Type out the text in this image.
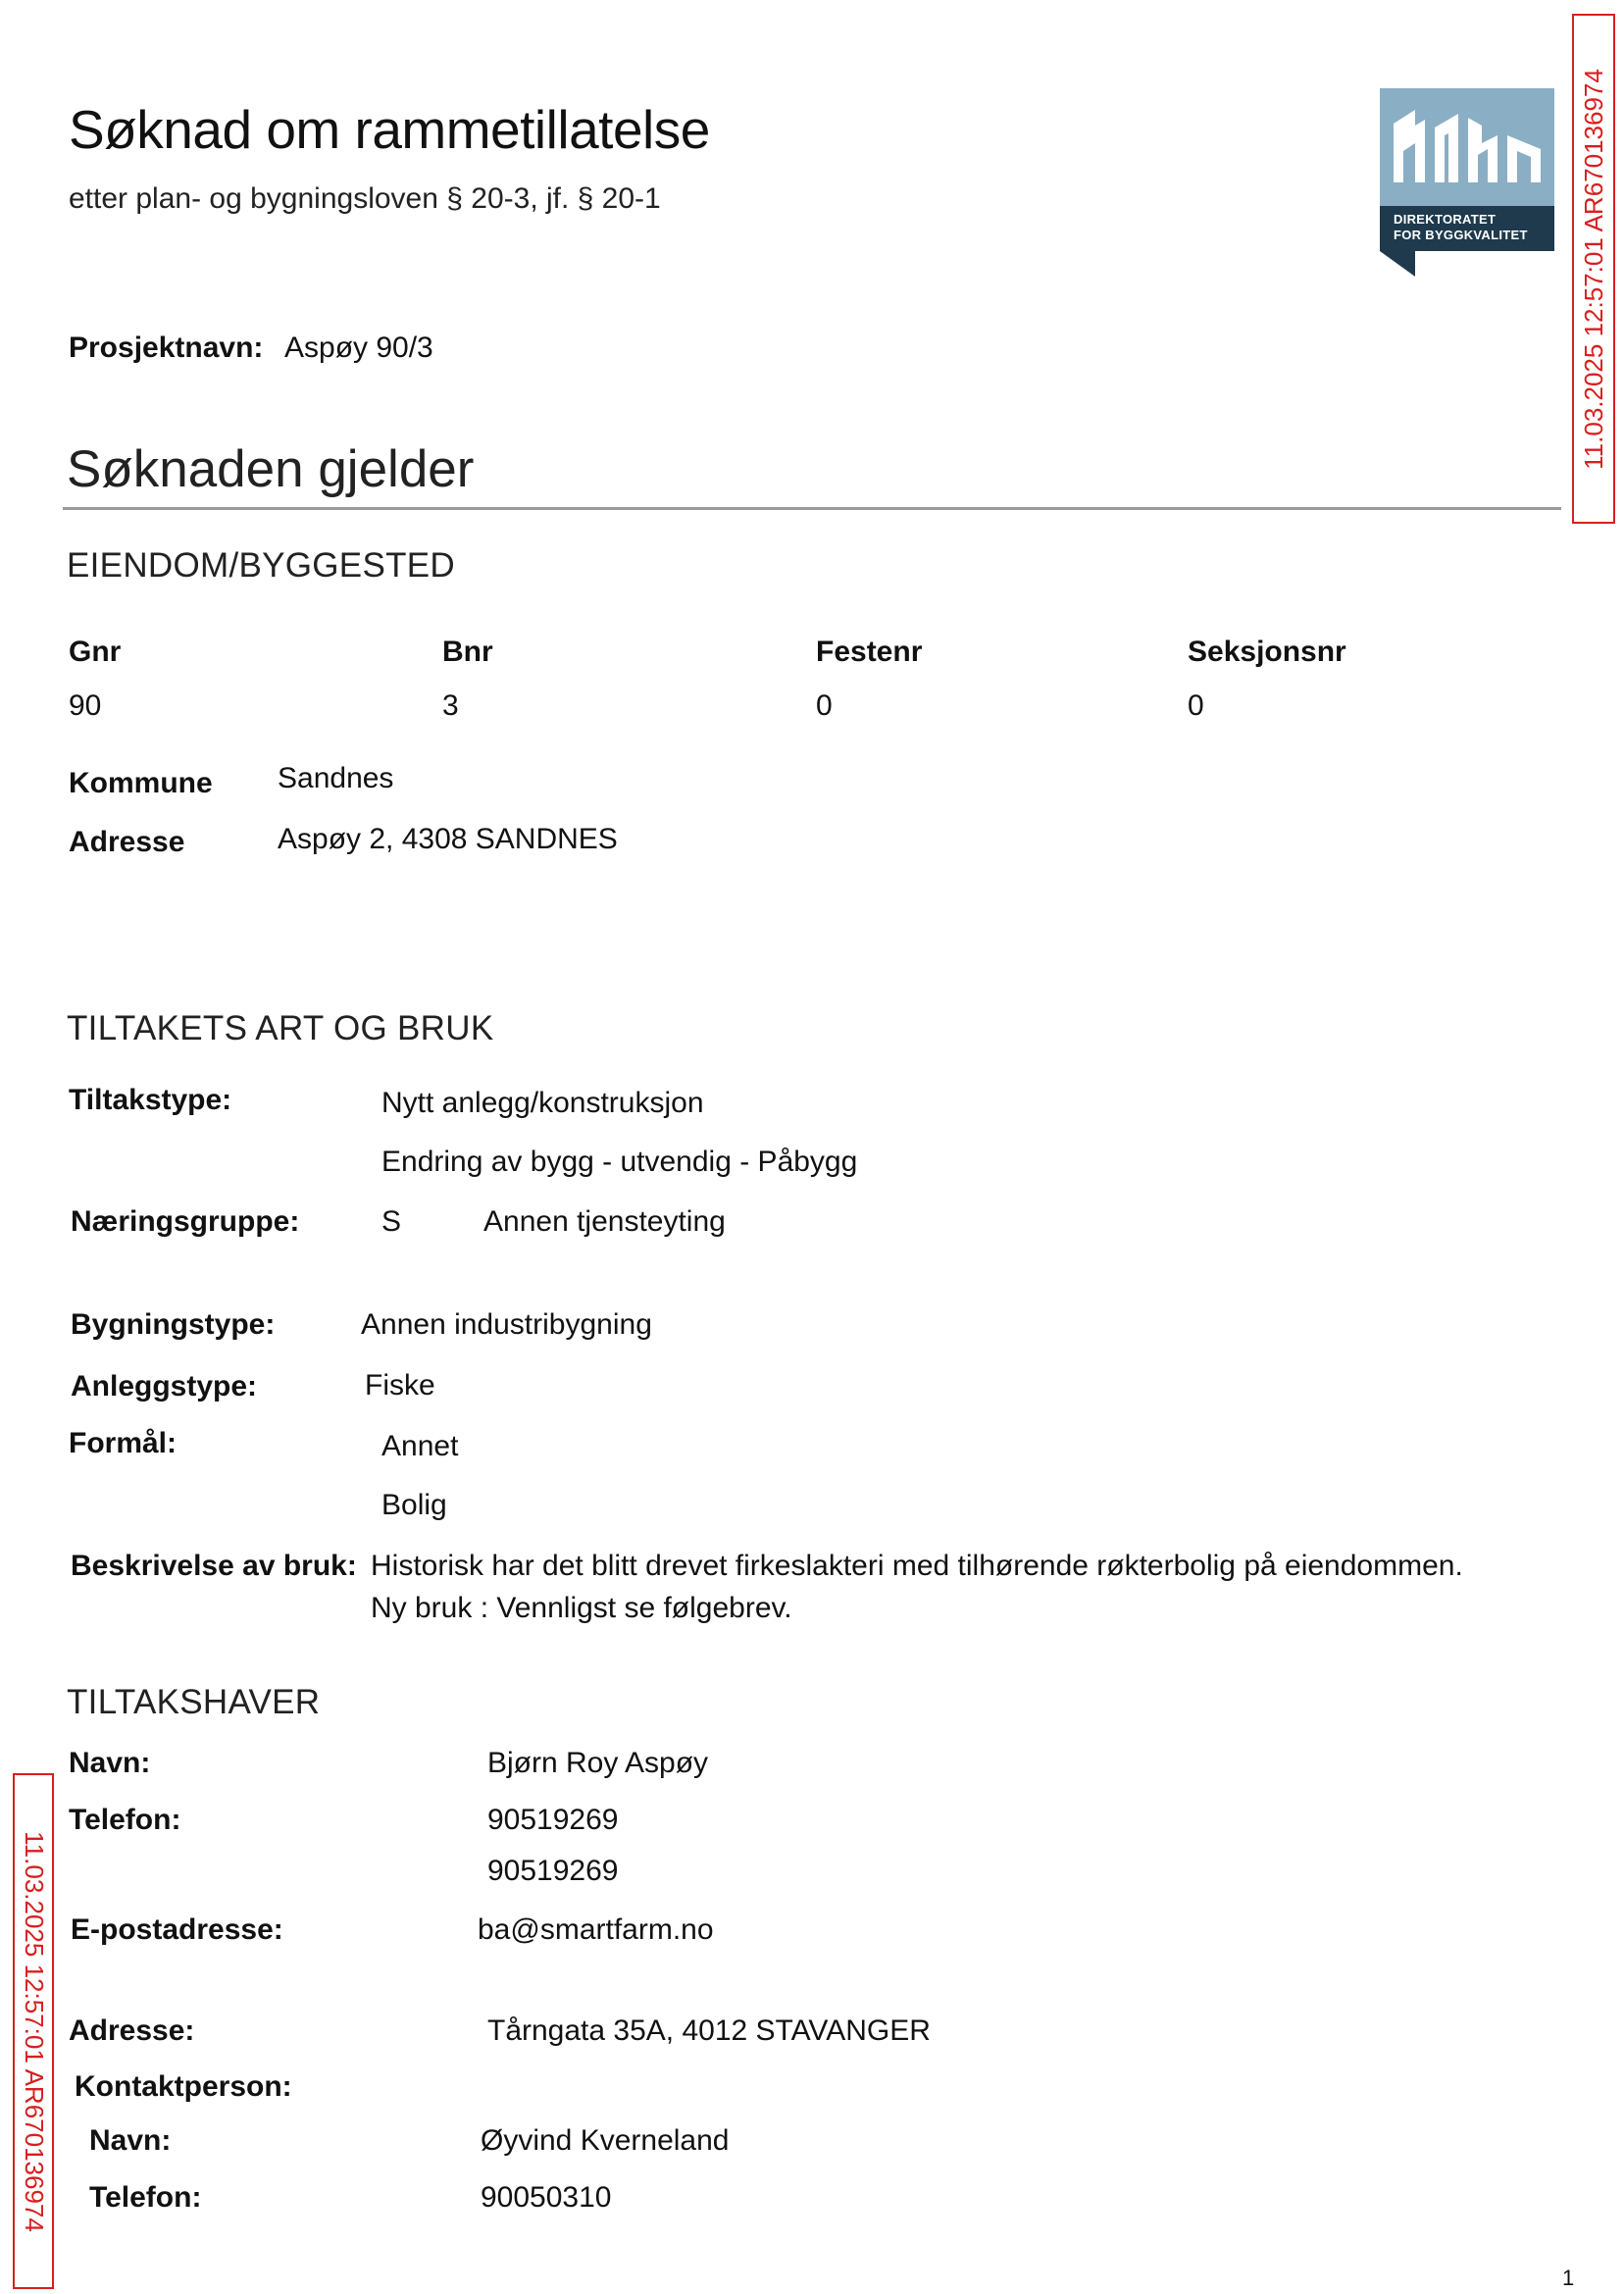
Søknad om rammetillatelse
etter plan- og bygningsloven § 20-3, jf. § 20-1
DIREKTORATET
FOR BYGGKVALITET 11.03.2025 12:57:01 AR670136974
11.03.2025 12:57:01 AR670136974
Prosjektnavn: Aspøy 90/3
Søknaden gjelder
EIENDOM/BYGGESTED
Gnr	Bnr	Festenr	Seksjonsnr
90	3	0	0
Kommune Sandnes
Adresse	Aspøy 2, 4308 SANDNES
TILTAKETS ART OG BRUK
Tiltakstype:	Nytt anlegg/konstruksjon
Endring av bygg - utvendig - Påbygg
Næringsgruppe:	S	Annen tjensteyting
Bygningstype:	Annen industribygning
Anleggstype:	Fiske
Formål:	Annet
Bolig
Beskrivelse av bruk: Historisk har det blitt drevet firkeslakteri med tilhørende røkterbolig på eiendommen.
Ny bruk : Vennligst se følgebrev.
TILTAKSHAVER
Navn:	Bjørn Roy Aspøy
Telefon:	90519269
90519269
E-postadresse:	ba@smartfarm.no
Adresse:	Tårngata 35A, 4012 STAVANGER
Kontaktperson:
Navn:	Øyvind Kverneland
Telefon:	90050310
1
